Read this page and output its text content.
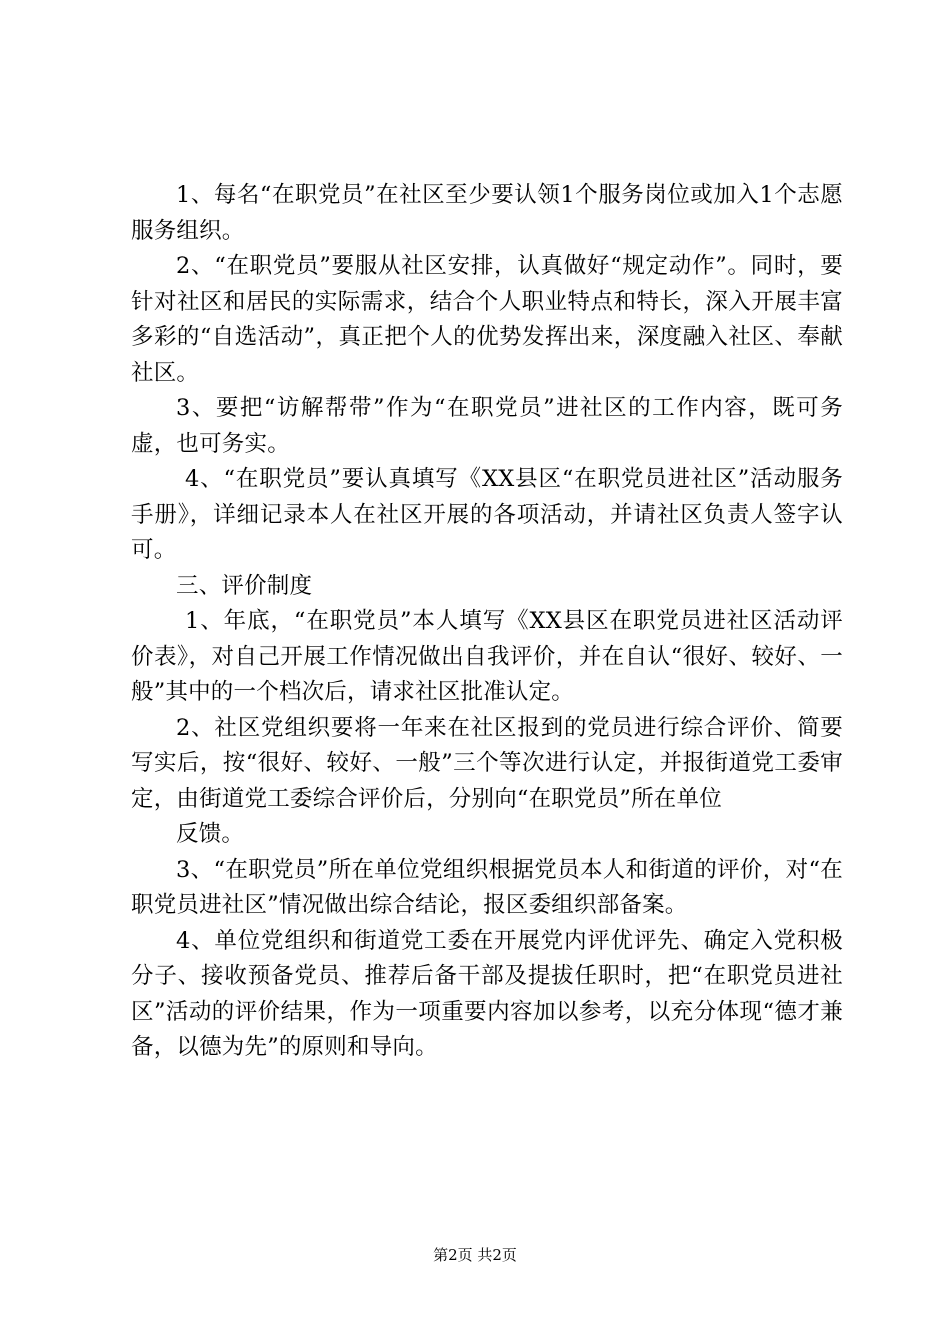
1、每名“在职党员”在社区至少要认领1个服务岗位或加入1个志愿服务组织。

2、“在职党员”要服从社区安排，认真做好“规定动作”。同时，要针对社区和居民的实际需求，结合个人职业特点和特长，深入开展丰富多彩的“自选活动”，真正把个人的优势发挥出来，深度融入社区、奉献社区。

3、要把“访解帮带”作为“在职党员”进社区的工作内容，既可务虚，也可务实。

4、“在职党员”要认真填写《XX县区“在职党员进社区”活动服务手册》，详细记录本人在社区开展的各项活动，并请社区负责人签字认可。

三、评价制度

1、年底，“在职党员”本人填写《XX县区在职党员进社区活动评价表》，对自己开展工作情况做出自我评价，并在自认“很好、较好、一般”其中的一个档次后，请求社区批准认定。

2、社区党组织要将一年来在社区报到的党员进行综合评价、简要写实后，按“很好、较好、一般”三个等次进行认定，并报街道党工委审定，由街道党工委综合评价后，分别向“在职党员”所在单位

反馈。

3、“在职党员”所在单位党组织根据党员本人和街道的评价，对“在职党员进社区”情况做出综合结论，报区委组织部备案。

4、单位党组织和街道党工委在开展党内评优评先、确定入党积极分子、接收预备党员、推荐后备干部及提拔任职时，把“在职党员进社区”活动的评价结果，作为一项重要内容加以参考，以充分体现“德才兼备，以德为先”的原则和导向。

第2页 共2页
